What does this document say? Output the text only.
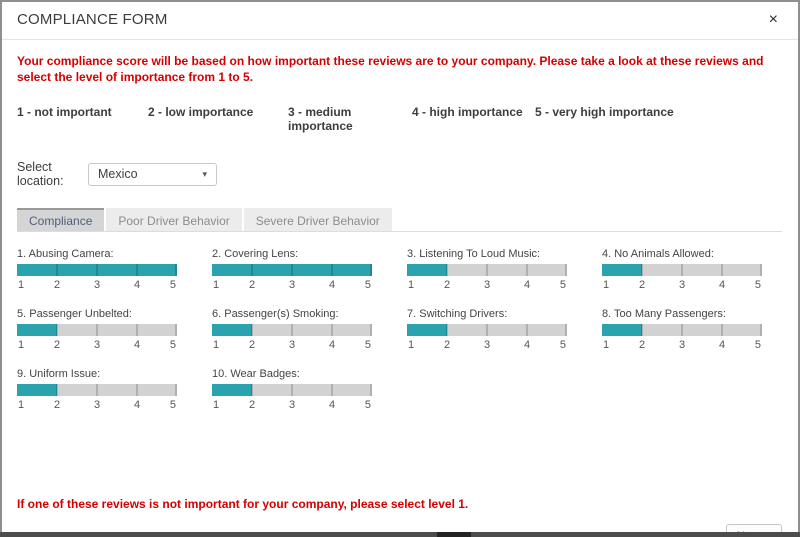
COMPLIANCE FORM	×
Your compliance score will be based on how important these reviews are to your company. Please take a look at these reviews and select the level of importance from 1 to 5.
1 - not important	2 - low importance	3 - medium importance
4 - high importance	5 - very high importance
Select location:	Mexico	▾
Compliance	Poor Driver Behavior	Severe Driver Behavior
1. Abusing Camera:
1	2	3	4	5
2. Covering Lens:
1	2	3	4	5
3. Listening To Loud Music:
1	2	3	4	5
4. No Animals Allowed:
1	2	3	4	5
5. Passenger Unbelted:
1	2	3	4	5
6. Passenger(s) Smoking:
1	2	3	4	5
7. Switching Drivers:
1	2	3	4	5
8. Too Many Passengers:
1	2	3	4	5
9. Uniform Issue:
1	2	3	4	5
10. Wear Badges:
1	2	3	4	5
If one of these reviews is not important for your company, please select level 1.
